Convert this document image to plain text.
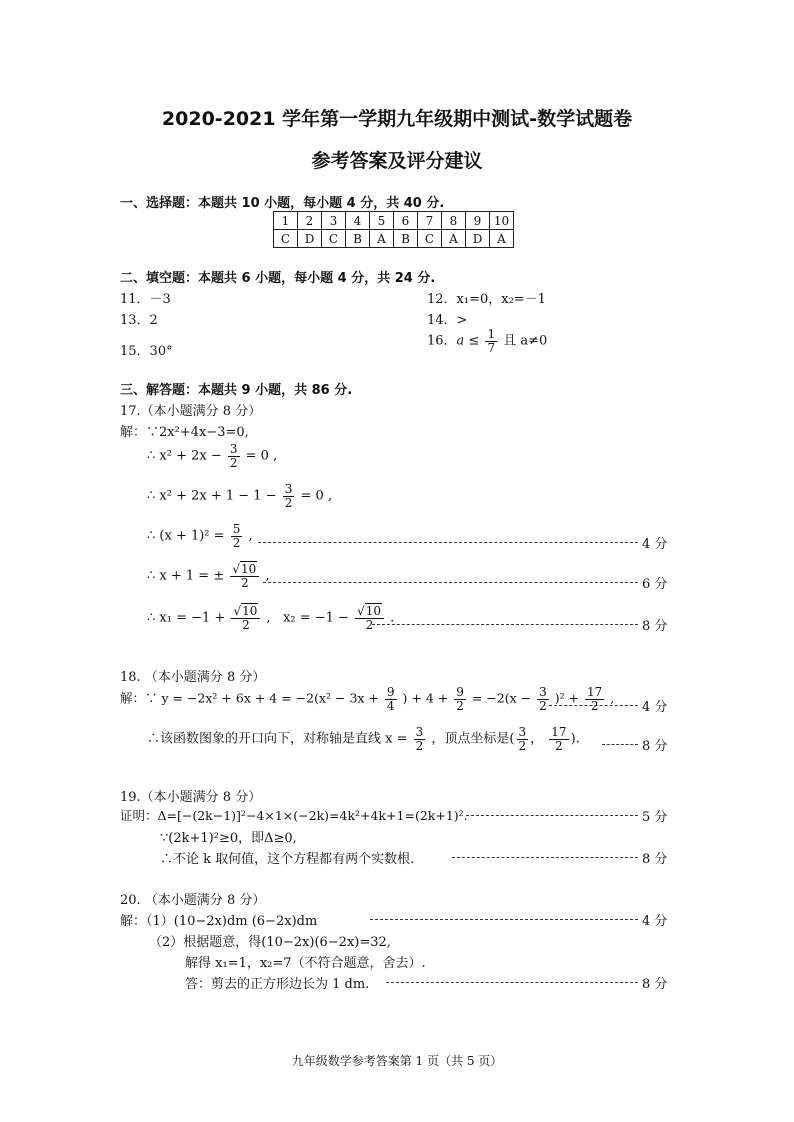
2020-2021 学年第一学期九年级期中测试-数学试题卷
参考答案及评分建议
一、选择题：本题共 10 小题，每小题 4 分，共 40 分.
1	2	3	4	5	6	7	8	9	10
C	D	C	B	A	B	C	A	D	A
二、填空题：本题共 6 小题，每小题 4 分，共 24 分.
11．－3	12．x₁=0，x₂=－1
13．2	14．>
15．30°
16．$a \le \frac{1}{7}$ 且 a≠0
三、解答题：本题共 9 小题，共 86 分.
17.（本小题满分 8 分）
解：∵2x²+4x−3=0,
∴ $x^2 + 2x - \frac{3}{2} = 0$ ,
∴ $x^2 + 2x + 1 - 1 - \frac{3}{2} = 0$ ,
∴ $(x + 1)^2 = \frac{5}{2}$ ,
4 分
∴ x + 1 = ± $\frac{√10}{2}$ ,
6 分
∴ $x_1 = -1 + \frac{√10}{2}$ , $x_2 = -1 - \frac{√10}{2}$ .
8 分
18. （本小题满分 8 分）
解：∵ $y = -2x^2 + 6x + 4 = -2(x^2 - 3x + \frac{9}{4}$ ) + $4 + \frac{9}{2} = -2(x - \frac{3}{2} )^2 + \frac{17}{2}$ ,
4 分
∴该函数图象的开口向下，对称轴是直线 $x = \frac{3}{2}$ ，顶点坐标是( $\frac{3}{2}$ ， $\frac{17}{2}$ ).	8 分
19.（本小题满分 8 分）
证明：Δ=[−(2k−1)]²−4×1×(−2k)=4k²+4k+1=(2k+1)².	5 分
∵(2k+1)²≥0，即Δ≥0,
∴不论 k 取何值，这个方程都有两个实数根.	8 分
20. （本小题满分 8 分）
解：（1）(10−2x)dm (6−2x)dm	4 分
（2）根据题意，得(10−2x)(6−2x)=32,
解得 x₁=1，x₂=7（不符合题意，舍去）.
答：剪去的正方形边长为 1 dm.	8 分
九年级数学参考答案第 1 页（共 5 页）
